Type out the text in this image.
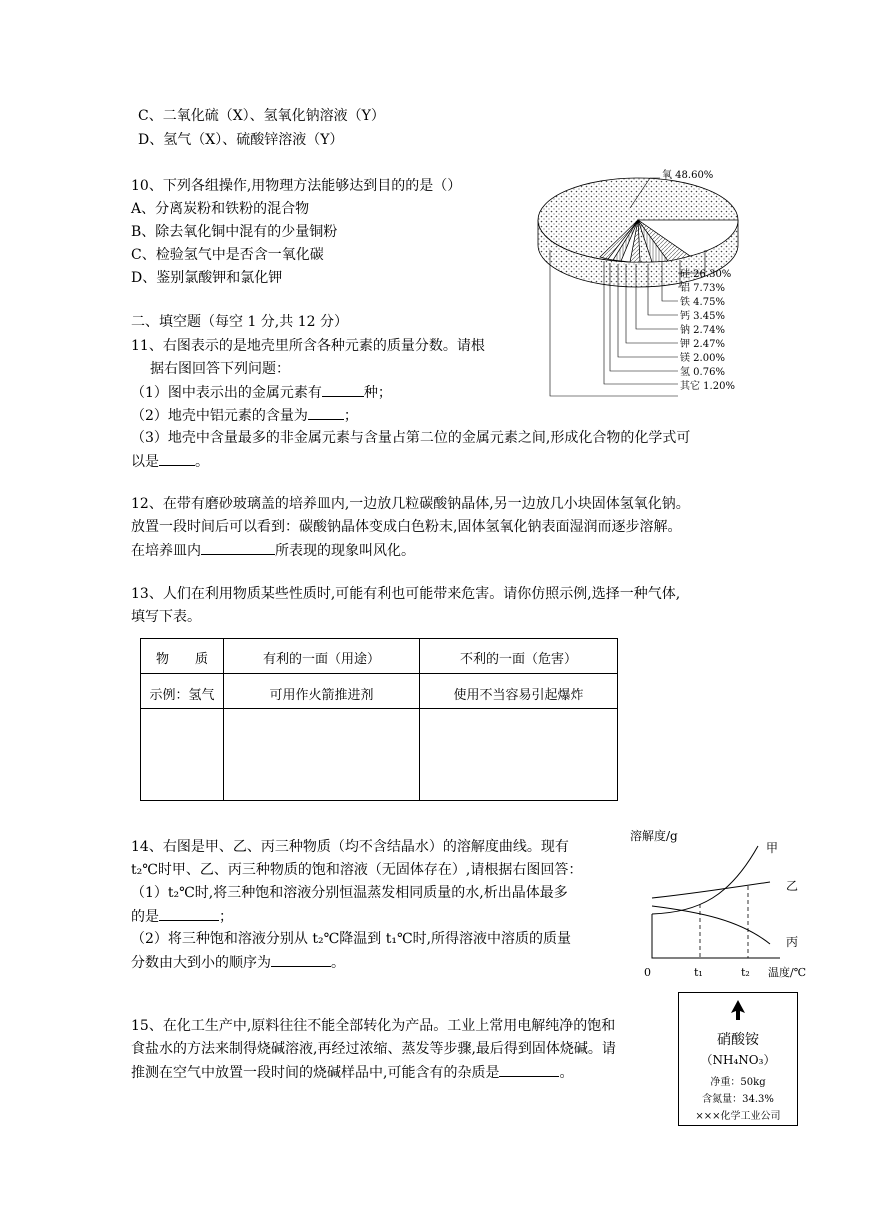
C、二氧化硫（X）、氢氧化钠溶液（Y）
D、氢气（X）、硫酸锌溶液（Y）
10、下列各组操作,用物理方法能够达到目的的是（）
A、分离炭粉和铁粉的混合物
B、除去氧化铜中混有的少量铜粉
C、检验氢气中是否含一氧化碳
D、鉴别氯酸钾和氯化钾
二、填空题（每空 1 分,共 12 分）
11、右图表示的是地壳里所含各种元素的质量分数。请根
据右图回答下列问题：
（1）图中表示出的金属元素有	种；
（2）地壳中铝元素的含量为	；
（3）地壳中含量最多的非金属元素与含量占第二位的金属元素之间,形成化合物的化学式可
以是	。
氧 48.60%
硅 26.30%
铝 7.73%
铁 4.75%
钙 3.45%
钠 2.74%
钾 2.47%
镁 2.00%
氢 0.76%
其它 1.20%
12、在带有磨砂玻璃盖的培养皿内,一边放几粒碳酸钠晶体,另一边放几小块固体氢氧化钠。
放置一段时间后可以看到：碳酸钠晶体变成白色粉末,固体氢氧化钠表面湿润而逐步溶解。
在培养皿内	所表现的现象叫风化。
13、人们在利用物质某些性质时,可能有利也可能带来危害。请你仿照示例,选择一种气体,
填写下表。
物　　质	有利的一面（用途）	不利的一面（危害）
示例：氢气	可用作火箭推进剂	使用不当容易引起爆炸
14、右图是甲、乙、丙三种物质（均不含结晶水）的溶解度曲线。现有
t₂℃时甲、乙、丙三种物质的饱和溶液（无固体存在）,请根据右图回答：
（1）t₂℃时,将三种饱和溶液分别恒温蒸发相同质量的水,析出晶体最多
的是	；
（2）将三种饱和溶液分别从 t₂℃降温到 t₁℃时,所得溶液中溶质的质量
分数由大到小的顺序为	。
溶解度/g
甲
乙
丙
0	t₁	t₂ 温度/℃
15、在化工生产中,原料往往不能全部转化为产品。工业上常用电解纯净的饱和
食盐水的方法来制得烧碱溶液,再经过浓缩、蒸发等步骤,最后得到固体烧碱。请
推测在空气中放置一段时间的烧碱样品中,可能含有的杂质是	。
硝酸铵
（NH₄NO₃）
净重：50kg
含氮量：34.3%
×××化学工业公司
